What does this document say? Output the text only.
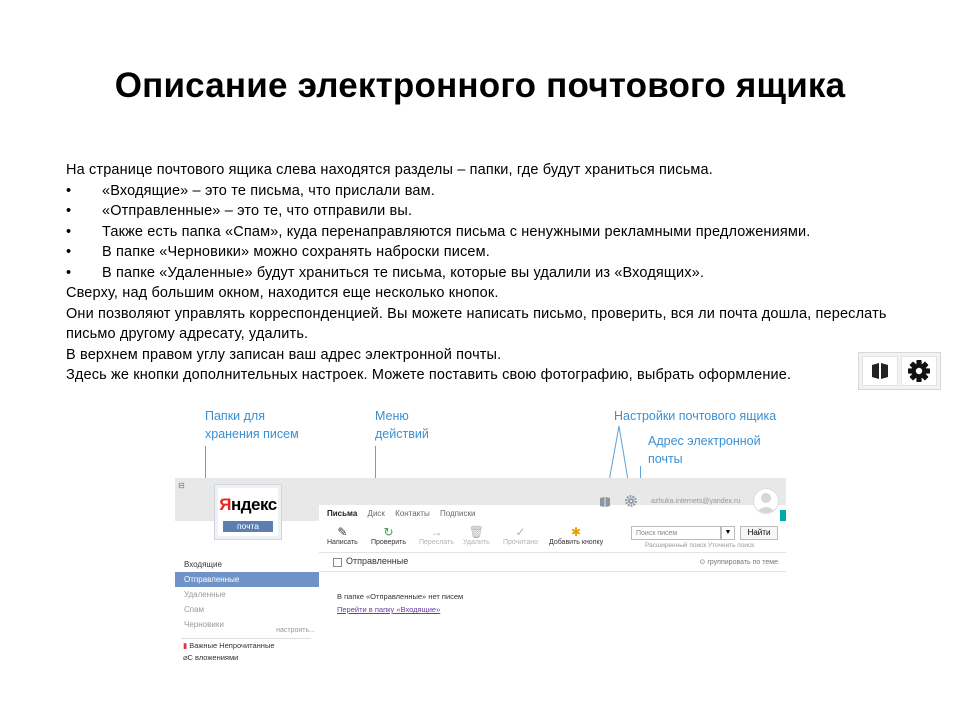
Описание электронного почтового ящика

На странице почтового ящика слева находятся разделы – папки, где будут храниться письма.

• «Входящие» – это те письма, что прислали вам.

• «Отправленные» – это те, что отправили вы.

• Также есть папка «Спам», куда перенаправляются письма с ненужными рекламными предложениями.

• В папке «Черновики» можно сохранять наброски писем.

• В папке «Удаленные» будут храниться те письма, которые вы удалили из «Входящих».

Сверху, над большим окном, находится еще несколько кнопок.

Они позволяют управлять корреспонденцией. Вы можете написать письмо, проверить, вся ли почта дошла, переслать письмо другому адресату, удалить.

В верхнем правом углу записан ваш адрес электронной почты.

Здесь же кнопки дополнительных настроек. Можете поставить свою фотографию, выбрать оформление.

Папки для
хранения писем
Меню
действий
Настройки почтового ящика
Адрес электронной
почты
⊟
Яндекс
почта
Письма Диск Контакты Подписки
✎
Написать
↻
Проверить
→
Переслать
🗑
Удалить
✓
Прочитано
✱
Добавить кнопку
Поиск писем	▼	Найти
Расширенный поиск Уточнить поиск
Отправленные	⊙ группировать по теме
В папке «Отправленные» нет писем
Перейти в папку «Входящие»
Входящие
Отправленные
Удаленные
Спам
Черновики
настроить...
▮ Важные Непрочитанные
⌀С вложениями
azhuka.internets@yandex.ru
